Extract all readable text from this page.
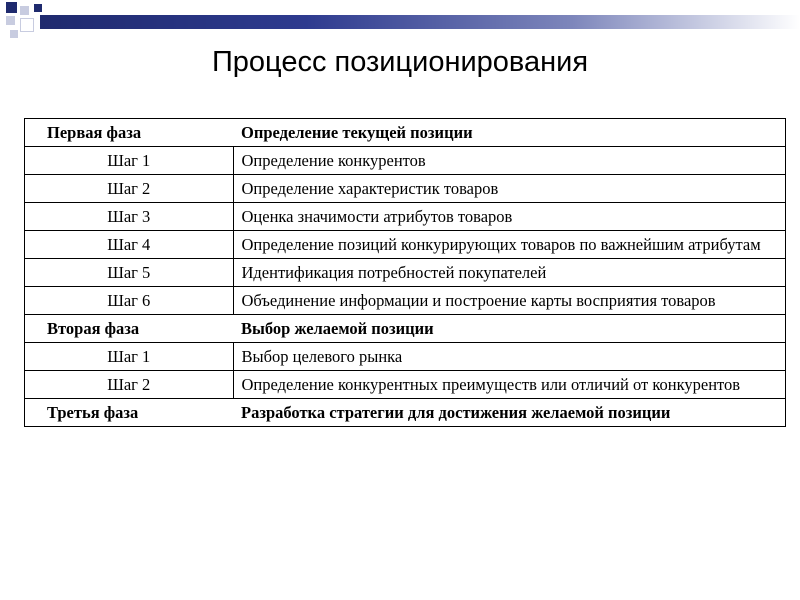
Процесс позиционирования
Первая фаза	Определение текущей позиции
Шаг 1	Определение конкурентов
Шаг 2	Определение характеристик товаров
Шаг 3	Оценка значимости атрибутов товаров
Шаг 4	Определение позиций конкурирующих товаров по важнейшим атрибутам
Шаг 5	Идентификация потребностей покупателей
Шаг 6	Объединение информации и построение карты восприятия товаров
Вторая фаза	Выбор желаемой позиции
Шаг 1	Выбор целевого рынка
Шаг 2	Определение конкурентных преимуществ или отличий от конкурентов
Третья фаза	Разработка стратегии для достижения желаемой позиции
